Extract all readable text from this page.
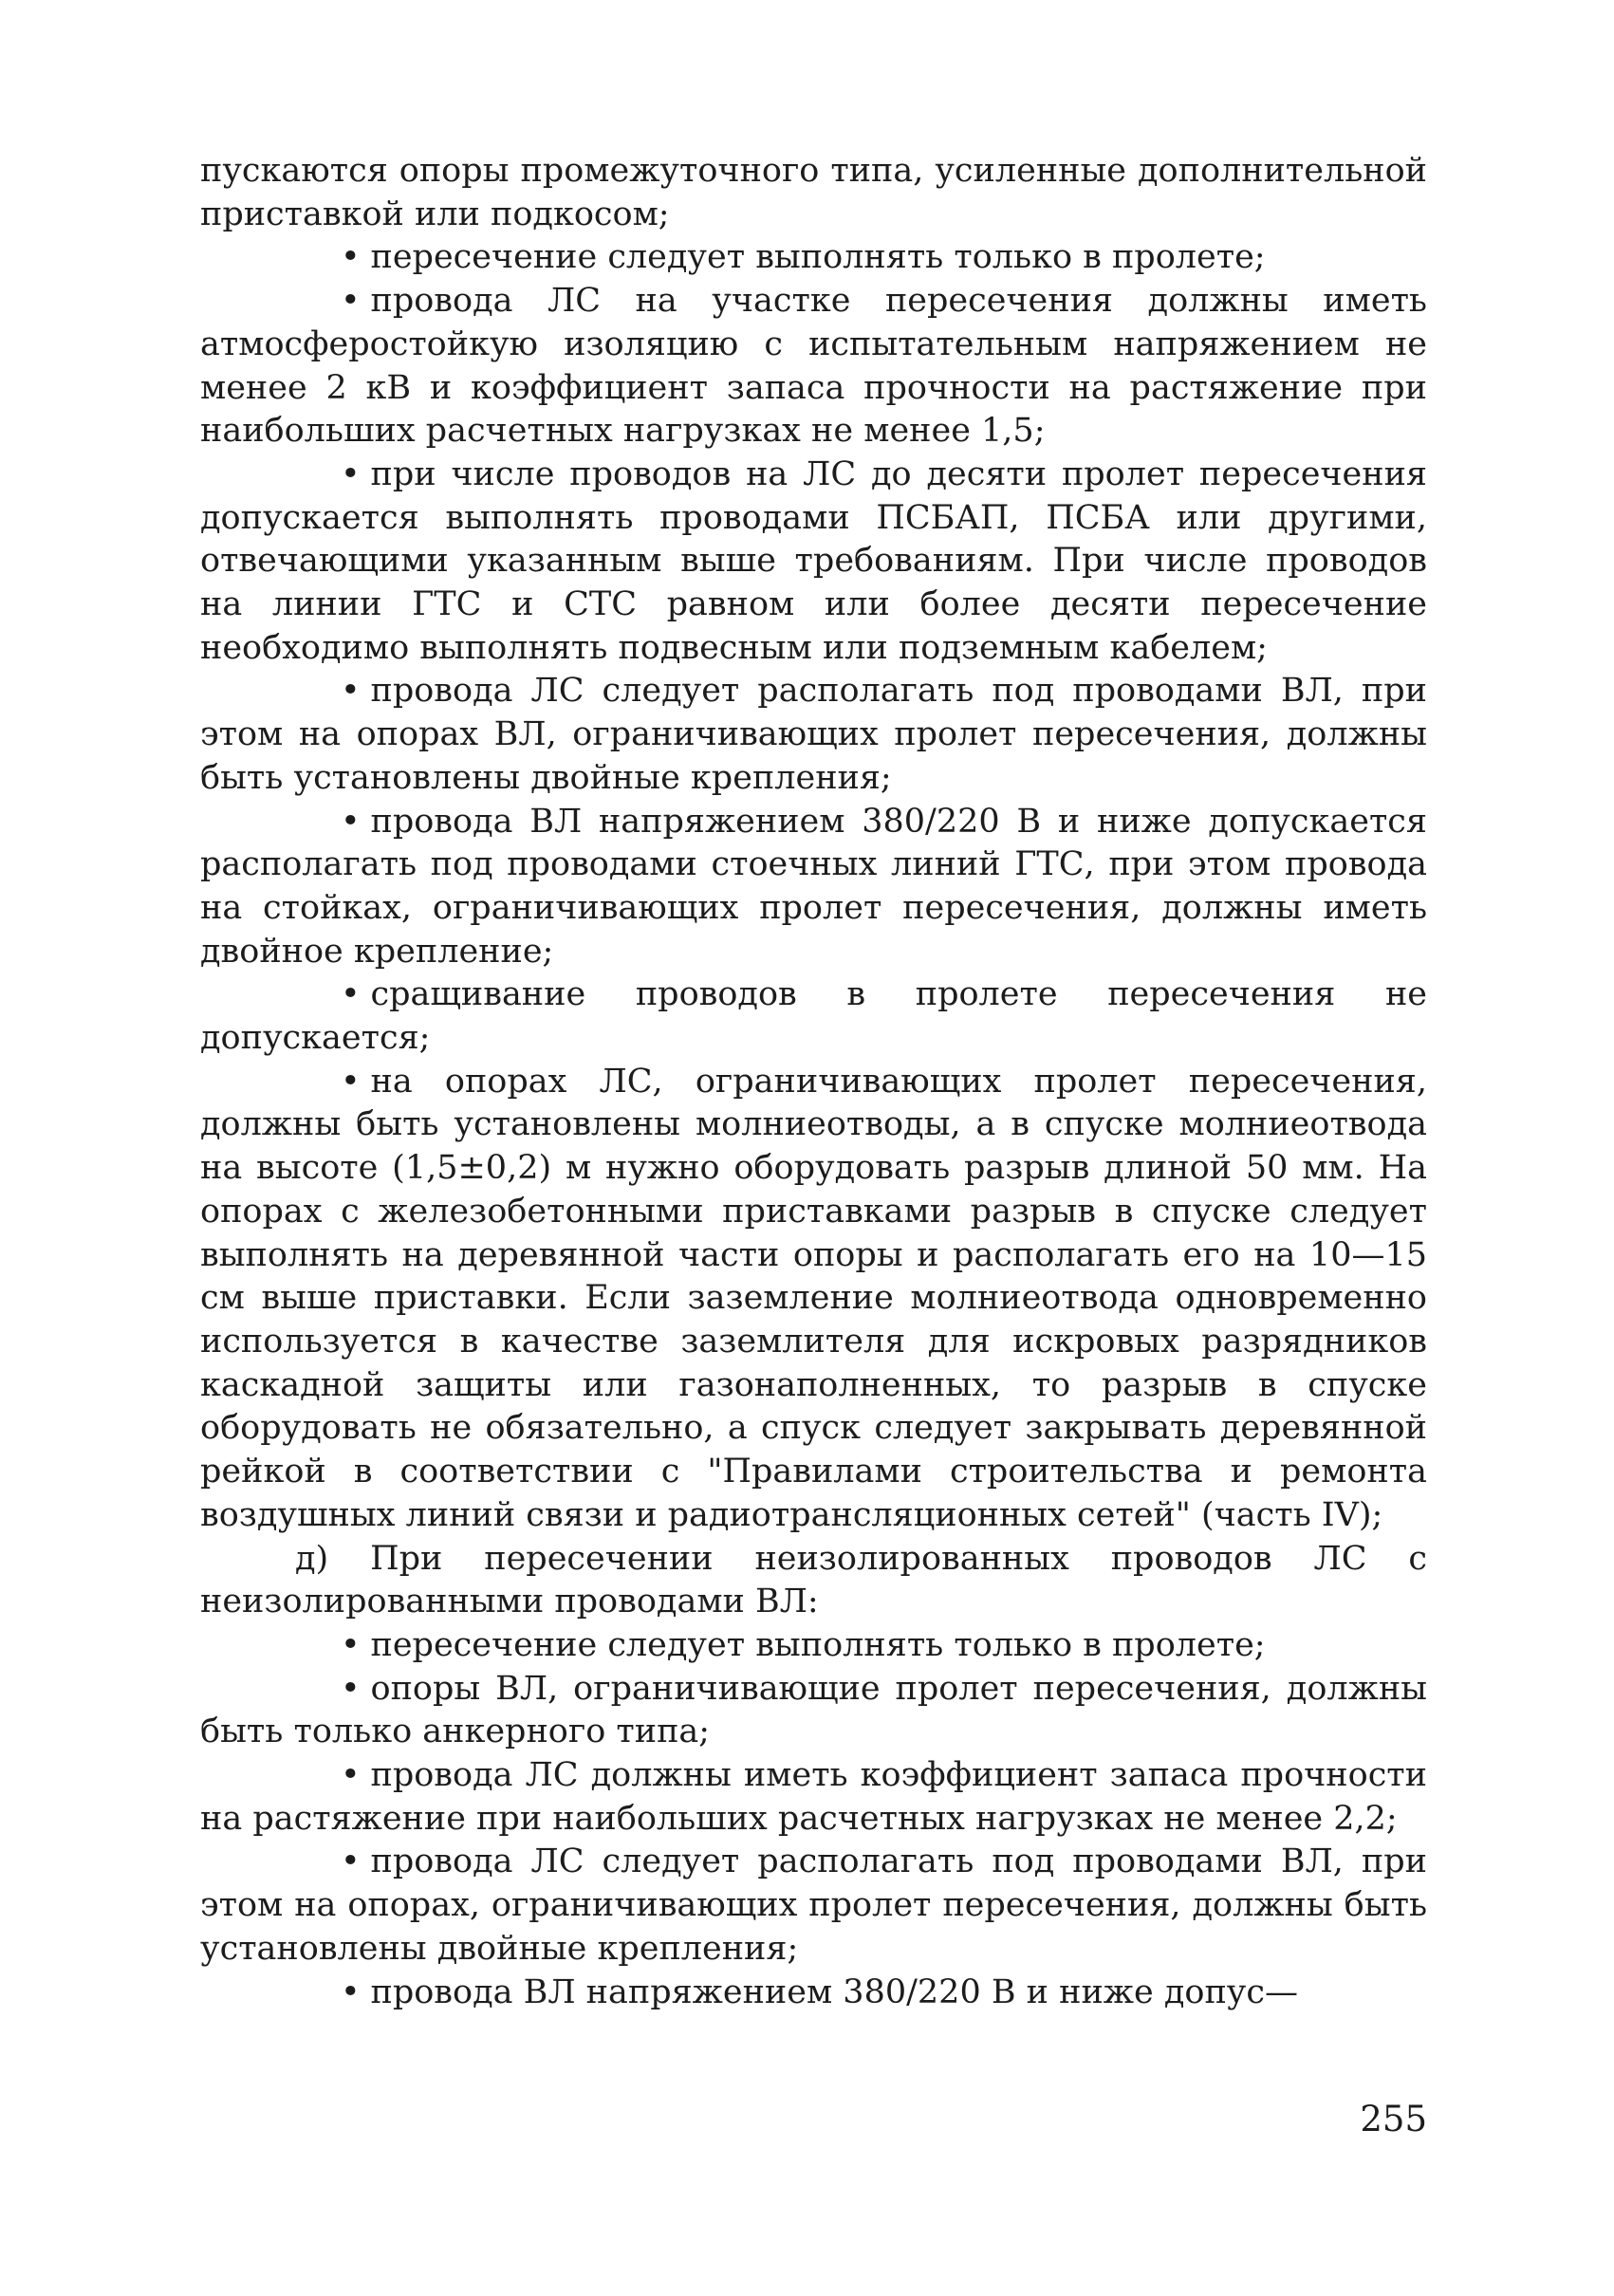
пускаются опоры промежуточного типа, усиленные дополнительной приставкой или подкосом;

• пересечение следует выполнять только в пролете;

• провода ЛС на участке пересечения должны иметь атмосферостойкую изоляцию с испытательным напряжением не менее 2 кВ и коэффициент запаса прочности на растяжение при наибольших расчетных нагрузках не менее 1,5;

• при числе проводов на ЛС до десяти пролет пересечения допускается выполнять проводами ПСБАП, ПСБА или другими, отвечающими указанным выше требованиям. При числе проводов на линии ГТС и СТС равном или более десяти пересечение необходимо выполнять подвесным или подземным кабелем;

• провода ЛС следует располагать под проводами ВЛ, при этом на опорах ВЛ, ограничивающих пролет пересечения, должны быть установлены двойные крепления;

• провода ВЛ напряжением 380/220 В и ниже допускается располагать под проводами стоечных линий ГТС, при этом провода на стойках, ограничивающих пролет пересечения, должны иметь двойное крепление;

• сращивание проводов в пролете пересечения не допускается;

• на опорах ЛС, ограничивающих пролет пересечения, должны быть установлены молниеотводы, а в спуске молниеотвода на высоте (1,5±0,2) м нужно оборудовать разрыв длиной 50 мм. На опорах с железобетонными приставками разрыв в спуске следует выполнять на деревянной части опоры и располагать его на 10—15 см выше приставки. Если заземление молниеотвода одновременно используется в качестве заземлителя для искровых разрядников каскадной защиты или газонаполненных, то разрыв в спуске оборудовать не обязательно, а спуск следует закрывать деревянной рейкой в соответствии с "Правилами строительства и ремонта воздушных линий связи и радиотрансляционных сетей" (часть IV);

д) При пересечении неизолированных проводов ЛС с неизолированными проводами ВЛ:

• пересечение следует выполнять только в пролете;

• опоры ВЛ, ограничивающие пролет пересечения, должны быть только анкерного типа;

• провода ЛС должны иметь коэффициент запаса прочности на растяжение при наибольших расчетных нагрузках не менее 2,2;

• провода ЛС следует располагать под проводами ВЛ, при этом на опорах, ограничивающих пролет пересечения, должны быть установлены двойные крепления;

• провода ВЛ напряжением 380/220 В и ниже допус—

255
